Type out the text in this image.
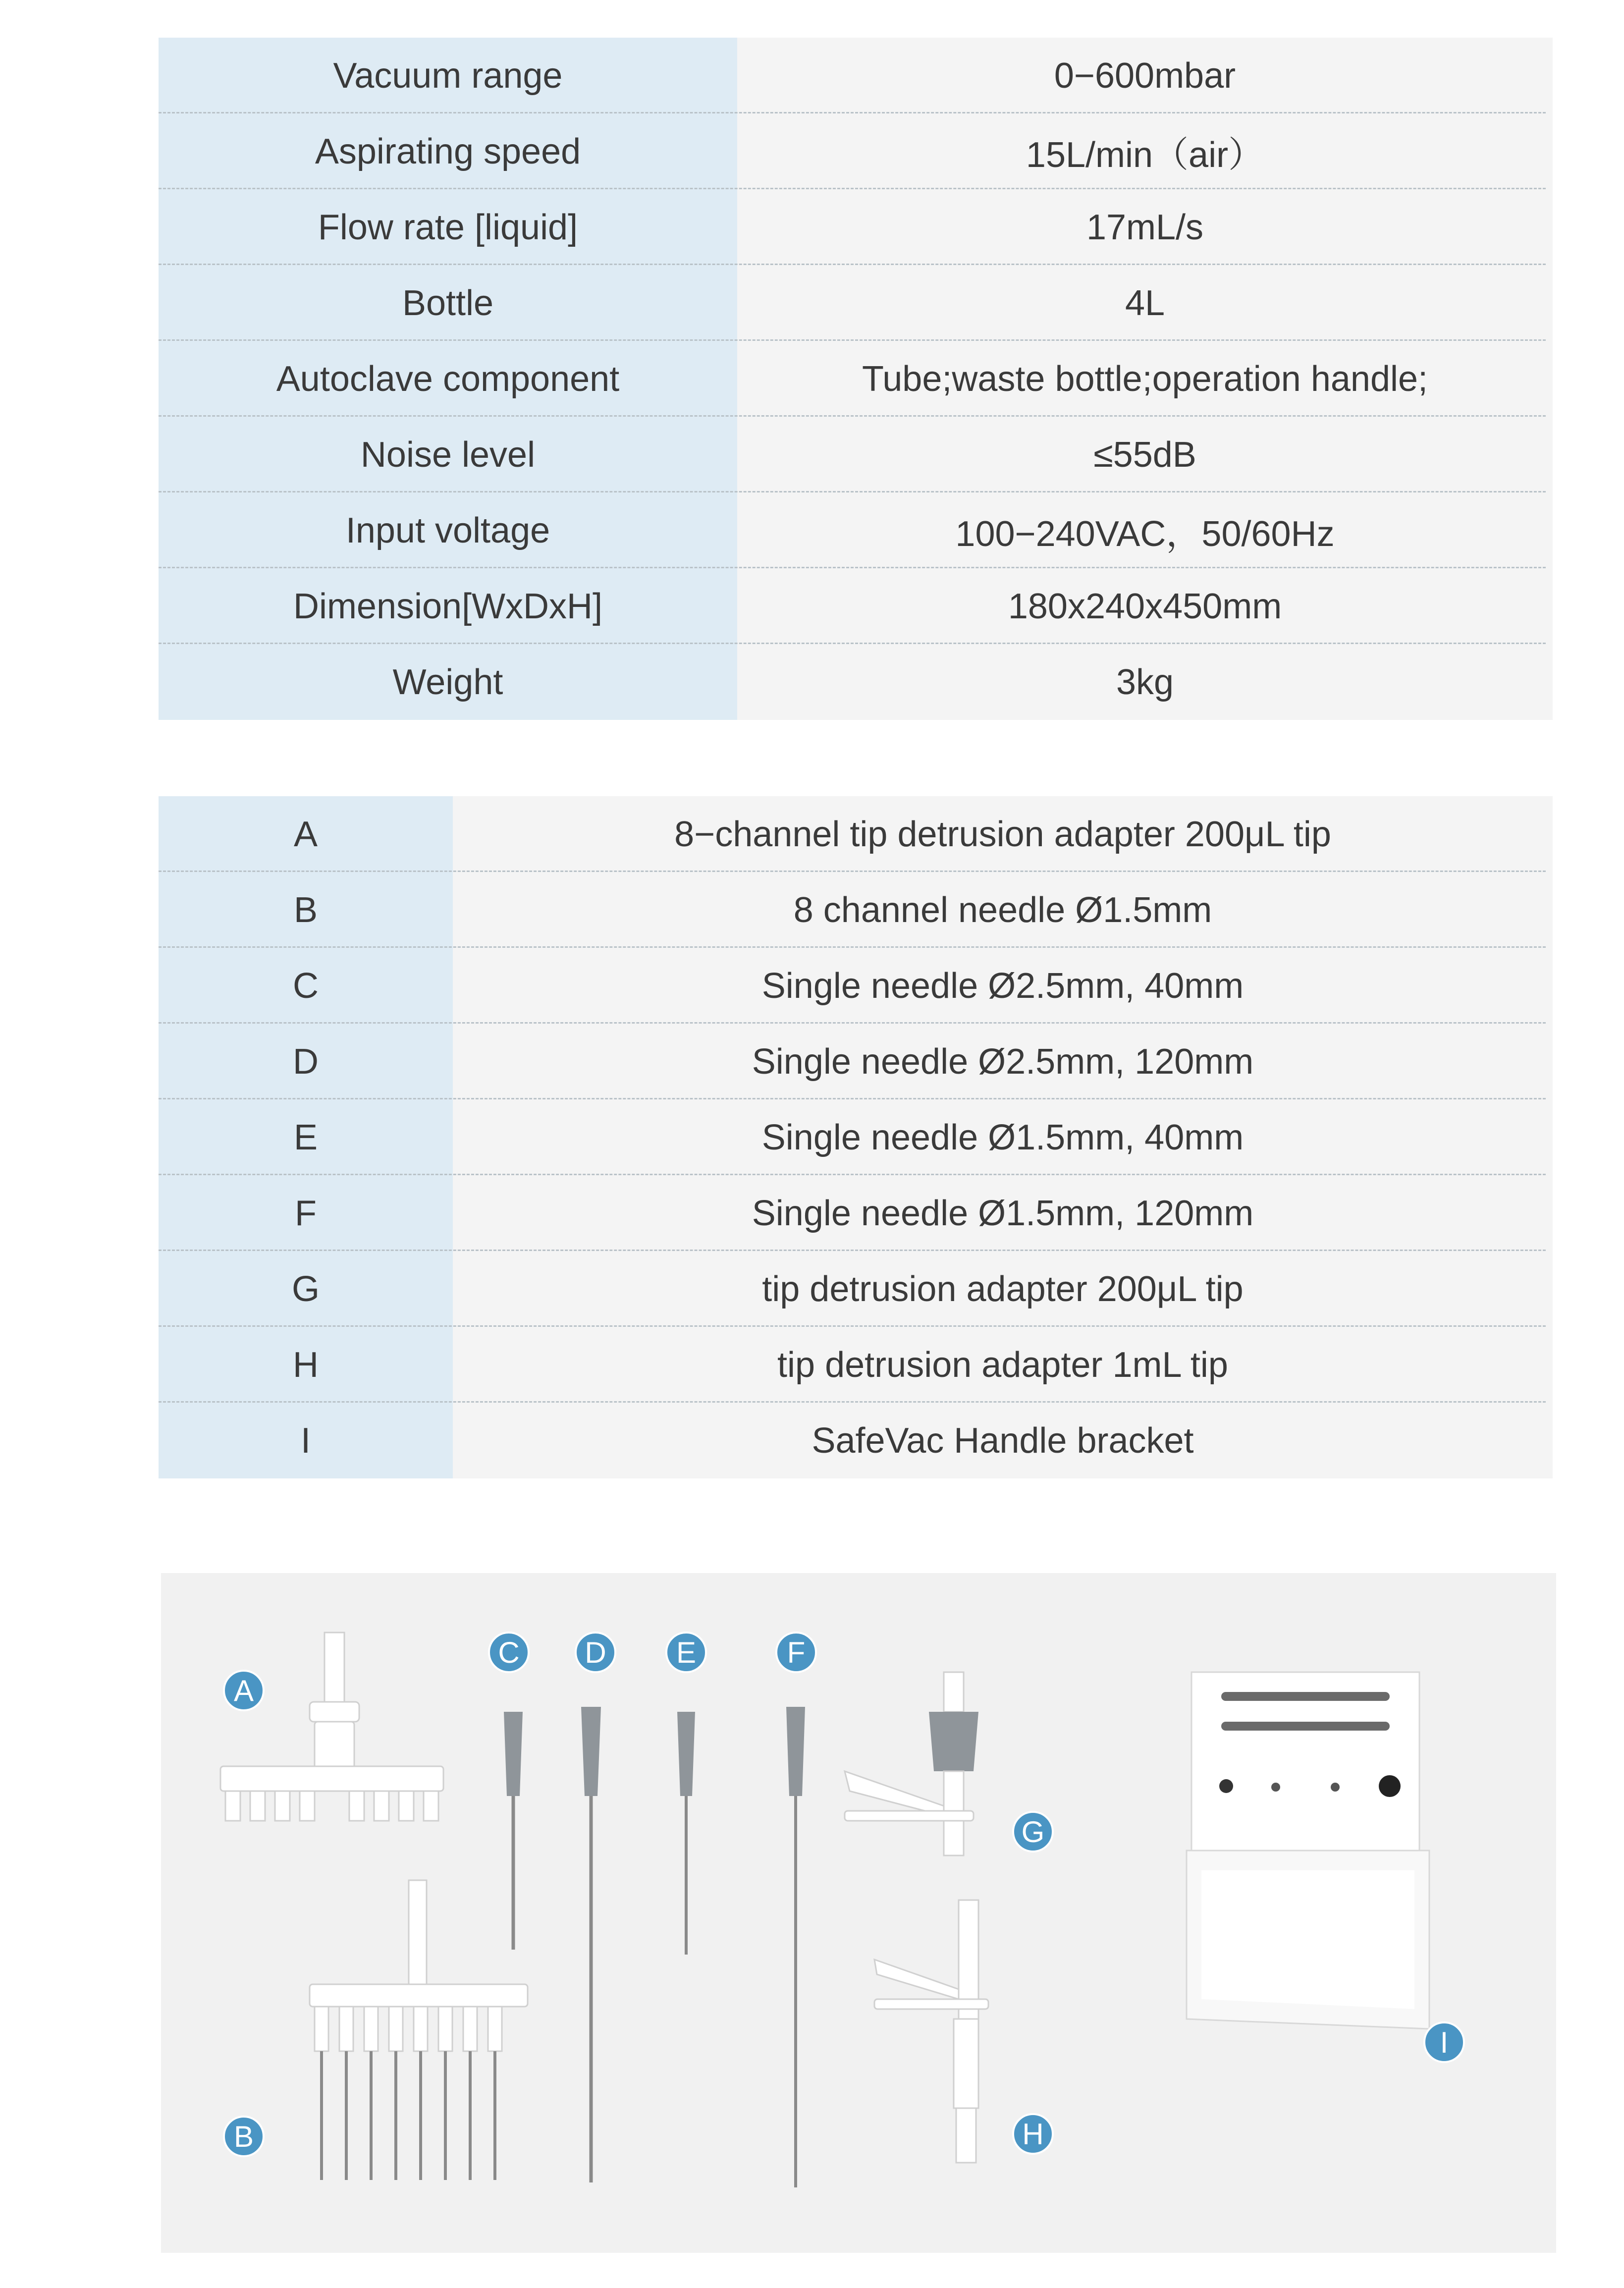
Vacuum range	0−600mbar
Aspirating speed	15L/min（air）
Flow rate [liquid]	17mL/s
Bottle	4L
Autoclave component	Tube;waste bottle;operation handle;
Noise level	≤55dB
Input voltage	100−240VAC，50/60Hz
Dimension[WxDxH]	180x240x450mm
Weight	3kg
A	8−channel tip detrusion adapter 200μL tip
B	8 channel needle Ø1.5mm
C	Single needle Ø2.5mm, 40mm
D	Single needle Ø2.5mm, 120mm
E	Single needle Ø1.5mm, 40mm
F	Single needle Ø1.5mm, 120mm
G	tip detrusion adapter 200μL tip
H	tip detrusion adapter 1mL tip
I	SafeVac Handle bracket
A
B
C	D	E	F
G
H
I
